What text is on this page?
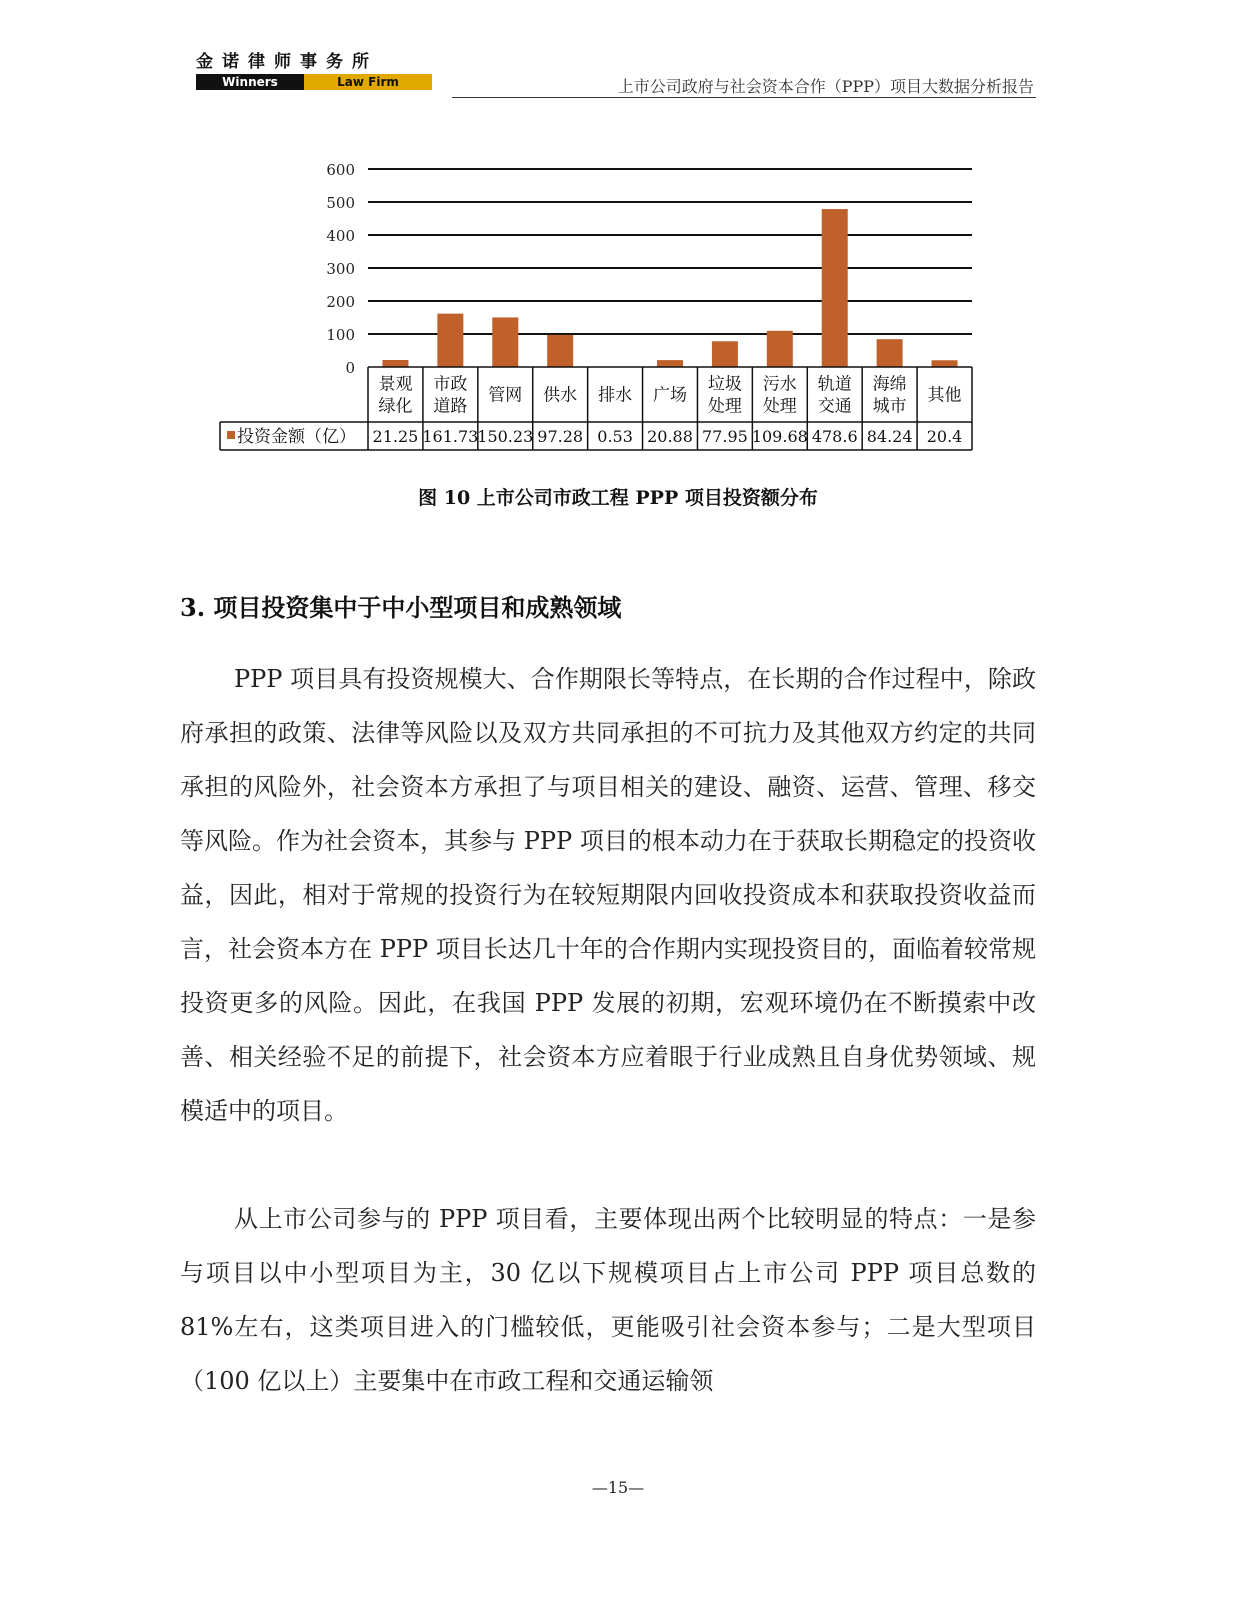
金诺律师事务所
Winners	Law Firm	上市公司政府与社会资本合作（PPP）项目大数据分析报告
0
100
200
300
400
500
600
景观
绿化
市政
道路
管网 供水 排水 广场
垃圾
处理
污水
处理
轨道
交通
海绵
城市
其他
投资金额（亿） 21.25 161.73
150.23 97.28 0.53 20.88 77.95 109.68 478.6 84.24 20.4
图 10 上市公司市政工程 PPP 项目投资额分布
3. 项目投资集中于中小型项目和成熟领域

PPP 项目具有投资规模大、合作期限长等特点，在长期的合作过程中，除政府承担的政策、法律等风险以及双方共同承担的不可抗力及其他双方约定的共同承担的风险外，社会资本方承担了与项目相关的建设、融资、运营、管理、移交等风险。作为社会资本，其参与 PPP 项目的根本动力在于获取长期稳定的投资收益，因此，相对于常规的投资行为在较短期限内回收投资成本和获取投资收益而言，社会资本方在 PPP 项目长达几十年的合作期内实现投资目的，面临着较常规投资更多的风险。因此，在我国 PPP 发展的初期，宏观环境仍在不断摸索中改善、相关经验不足的前提下，社会资本方应着眼于行业成熟且自身优势领域、规模适中的项目。

从上市公司参与的 PPP 项目看，主要体现出两个比较明显的特点：一是参与项目以中小型项目为主，30 亿以下规模项目占上市公司 PPP 项目总数的 81%左右，这类项目进入的门槛较低，更能吸引社会资本参与；二是大型项目（100 亿以上）主要集中在市政工程和交通运输领

—15—
